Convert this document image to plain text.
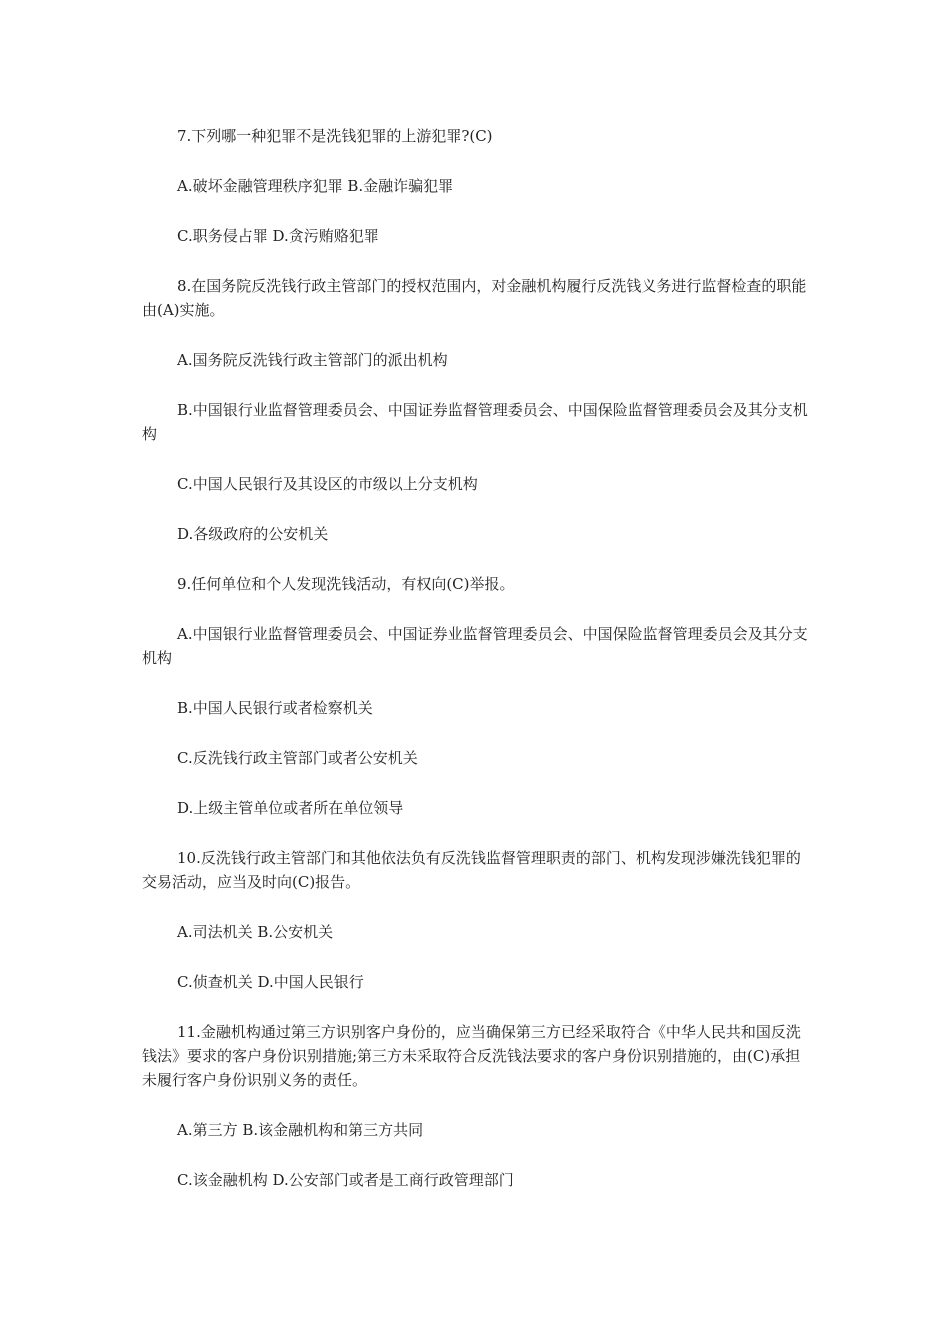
7.下列哪一种犯罪不是洗钱犯罪的上游犯罪?(C)

A.破坏金融管理秩序犯罪 B.金融诈骗犯罪

C.职务侵占罪 D.贪污贿赂犯罪

8.在国务院反洗钱行政主管部门的授权范围内，对金融机构履行反洗钱义务进行监督检查的职能由(A)实施。

A.国务院反洗钱行政主管部门的派出机构

B.中国银行业监督管理委员会、中国证券监督管理委员会、中国保险监督管理委员会及其分支机构

C.中国人民银行及其设区的市级以上分支机构

D.各级政府的公安机关

9.任何单位和个人发现洗钱活动，有权向(C)举报。

A.中国银行业监督管理委员会、中国证券业监督管理委员会、中国保险监督管理委员会及其分支机构

B.中国人民银行或者检察机关

C.反洗钱行政主管部门或者公安机关

D.上级主管单位或者所在单位领导

10.反洗钱行政主管部门和其他依法负有反洗钱监督管理职责的部门、机构发现涉嫌洗钱犯罪的交易活动，应当及时向(C)报告。

A.司法机关 B.公安机关

C.侦查机关 D.中国人民银行

11.金融机构通过第三方识别客户身份的，应当确保第三方已经采取符合《中华人民共和国反洗钱法》要求的客户身份识别措施;第三方未采取符合反洗钱法要求的客户身份识别措施的，由(C)承担未履行客户身份识别义务的责任。

A.第三方 B.该金融机构和第三方共同

C.该金融机构 D.公安部门或者是工商行政管理部门
